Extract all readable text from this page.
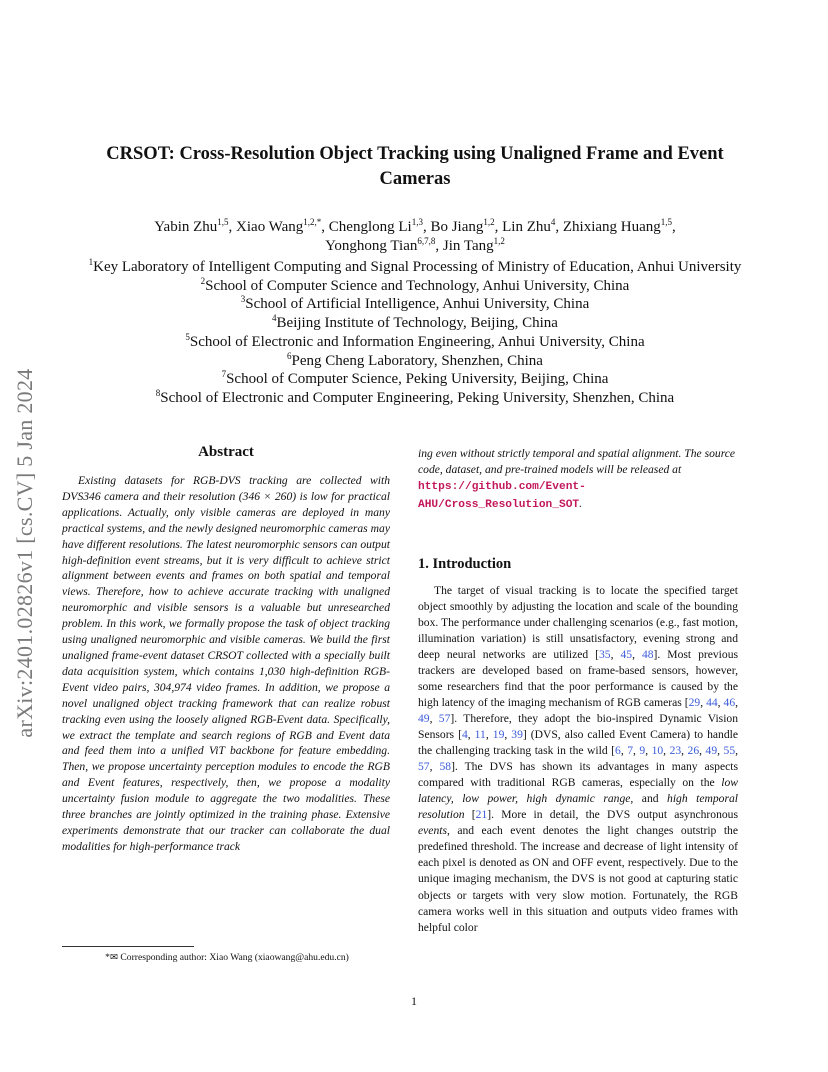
arXiv:2401.02826v1 [cs.CV] 5 Jan 2024
CRSOT: Cross-Resolution Object Tracking using Unaligned Frame and Event
Cameras
Yabin Zhu$^{1,5}$, Xiao Wang$^{1,2,*}$, Chenglong Li$^{1,3}$, Bo Jiang$^{1,2}$, Lin Zhu$^4$, Zhixiang Huang$^{1,5}$,
Yonghong Tian$^{6,7,8}$, Jin Tang$^{1,2}$
$^1$Key Laboratory of Intelligent Computing and Signal Processing of Ministry of Education, Anhui University
$^2$School of Computer Science and Technology, Anhui University, China
$^3$School of Artificial Intelligence, Anhui University, China
$^4$Beijing Institute of Technology, Beijing, China
$^5$School of Electronic and Information Engineering, Anhui University, China
$^6$Peng Cheng Laboratory, Shenzhen, China
$^7$School of Computer Science, Peking University, Beijing, China
$^8$School of Electronic and Computer Engineering, Peking University, Shenzhen, China
Abstract

Existing datasets for RGB-DVS tracking are collected with DVS346 camera and their resolution (346 × 260) is low for practical applications. Actually, only visible cameras are deployed in many practical systems, and the newly designed neuromorphic cameras may have different resolutions. The latest neuromorphic sensors can output high-definition event streams, but it is very difficult to achieve strict alignment between events and frames on both spatial and temporal views. Therefore, how to achieve accurate tracking with unaligned neuromorphic and visible sensors is a valuable but unresearched problem. In this work, we formally propose the task of object tracking using unaligned neuromorphic and visible cameras. We build the first unaligned frame-event dataset CRSOT collected with a specially built data acquisition system, which contains 1,030 high-definition RGB-Event video pairs, 304,974 video frames. In addition, we propose a novel unaligned object tracking framework that can realize robust tracking even using the loosely aligned RGB-Event data. Specifically, we extract the template and search regions of RGB and Event data and feed them into a unified ViT backbone for feature embedding. Then, we propose uncertainty perception modules to encode the RGB and Event features, respectively, then, we propose a modality uncertainty fusion module to aggregate the two modalities. These three branches are jointly optimized in the training phase. Extensive experiments demonstrate that our tracker can collaborate the dual modalities for high-performance track

ing even without strictly temporal and spatial alignment. The source code, dataset, and pre-trained models will be released at https://github.com/Event-AHU/Cross_Resolution_SOT.

1. Introduction

The target of visual tracking is to locate the specified target object smoothly by adjusting the location and scale of the bounding box. The performance under challenging scenarios (e.g., fast motion, illumination variation) is still unsatisfactory, evening strong and deep neural networks are utilized [35, 45, 48]. Most previous trackers are developed based on frame-based sensors, however, some researchers find that the poor performance is caused by the high latency of the imaging mechanism of RGB cameras [29, 44, 46, 49, 57]. Therefore, they adopt the bio-inspired Dynamic Vision Sensors [4, 11, 19, 39] (DVS, also called Event Camera) to handle the challenging tracking task in the wild [6, 7, 9, 10, 23, 26, 49, 55, 57, 58]. The DVS has shown its advantages in many aspects compared with traditional RGB cameras, especially on the low latency, low power, high dynamic range, and high temporal resolution [21]. More in detail, the DVS output asynchronous events, and each event denotes the light changes outstrip the predefined threshold. The increase and decrease of light intensity of each pixel is denoted as ON and OFF event, respectively. Due to the unique imaging mechanism, the DVS is not good at capturing static objects or targets with very slow motion. Fortunately, the RGB camera works well in this situation and outputs video frames with helpful color

*✉ Corresponding author: Xiao Wang (xiaowang@ahu.edu.cn)
1
